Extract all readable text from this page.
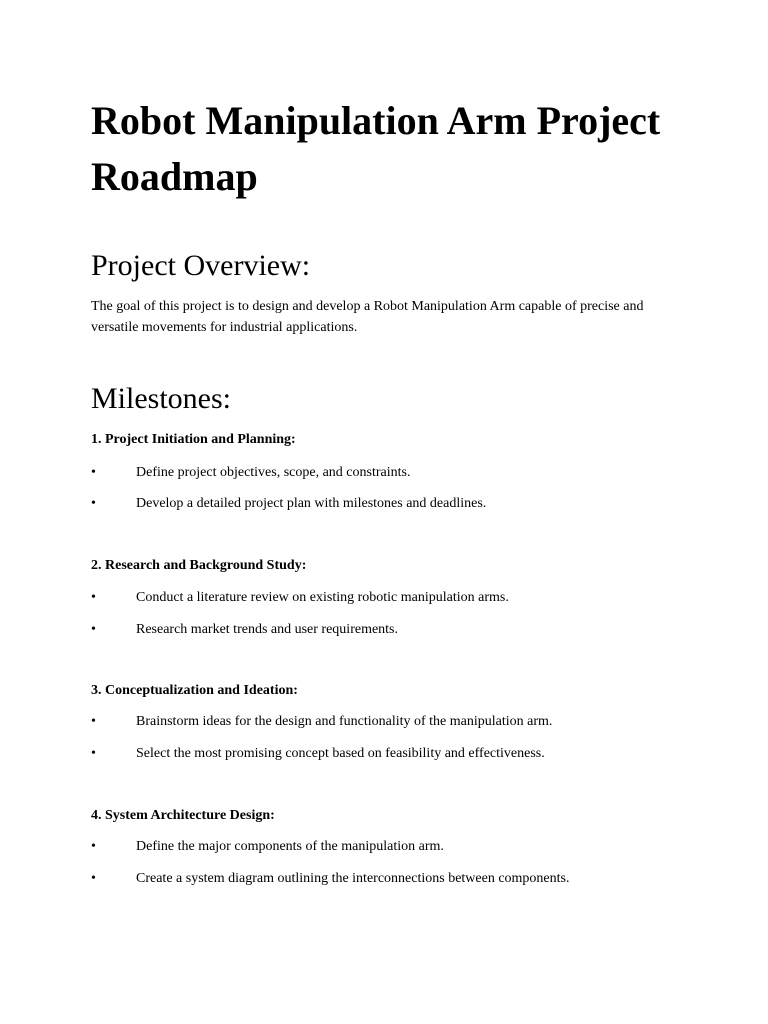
Robot Manipulation Arm Project Roadmap
Project Overview:

The goal of this project is to design and develop a Robot Manipulation Arm capable of precise and versatile movements for industrial applications.

Milestones:
1. Project Initiation and Planning:
•	Define project objectives, scope, and constraints.
•	Develop a detailed project plan with milestones and deadlines.
2. Research and Background Study:
•	Conduct a literature review on existing robotic manipulation arms.
•	Research market trends and user requirements.
3. Conceptualization and Ideation:
•	Brainstorm ideas for the design and functionality of the manipulation arm.
•	Select the most promising concept based on feasibility and effectiveness.
4. System Architecture Design:
•	Define the major components of the manipulation arm.
•	Create a system diagram outlining the interconnections between components.
